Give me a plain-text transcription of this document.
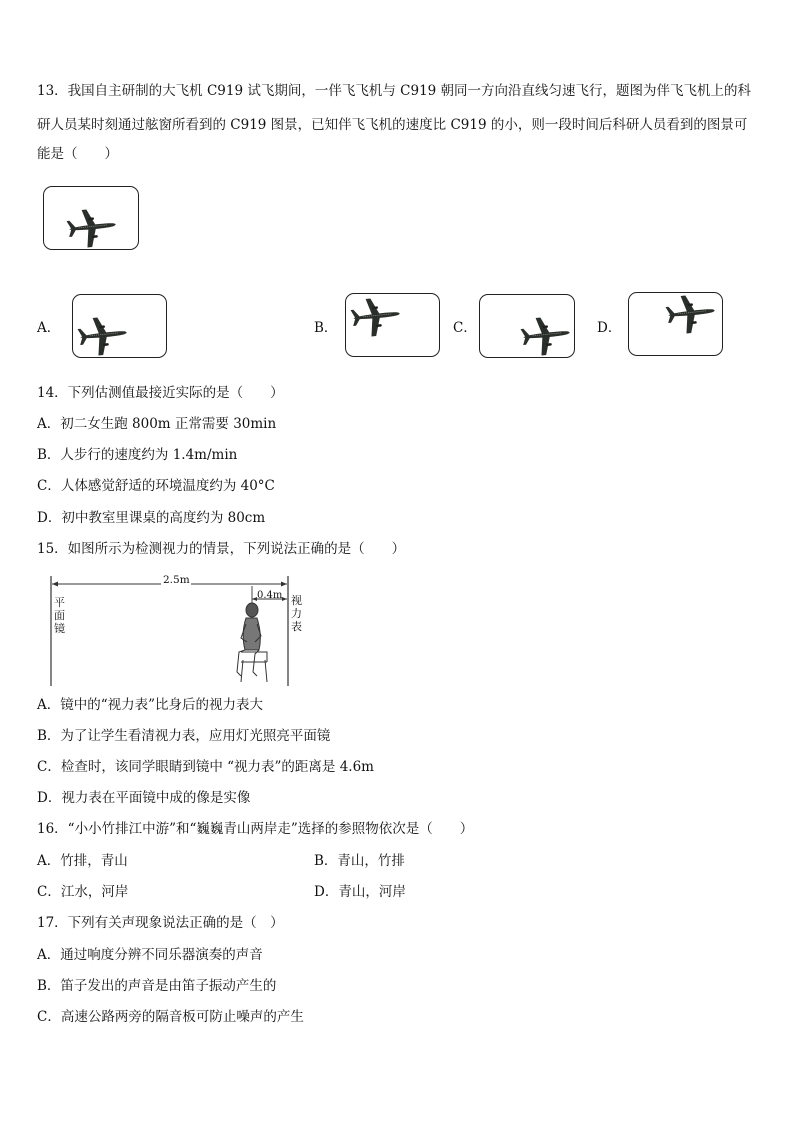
13．我国自主研制的大飞机 C919 试飞期间，一伴飞飞机与 C919 朝同一方向沿直线匀速飞行，题图为伴飞飞机上的科
研人员某时刻通过舷窗所看到的 C919 图景，已知伴飞飞机的速度比 C919 的小，则一段时间后科研人员看到的图景可
能是（　　）
A．	B．	C．	D．
14．下列估测值最接近实际的是（　　）
A．初二女生跑 800m 正常需要 30min
B．人步行的速度约为 1.4m/min
C．人体感觉舒适的环境温度约为 40°C
D．初中教室里课桌的高度约为 80cm
15．如图所示为检测视力的情景，下列说法正确的是（　　）
2.5m
0.4m
平面镜
视力表
A．镜中的“视力表”比身后的视力表大
B．为了让学生看清视力表，应用灯光照亮平面镜
C．检查时，该同学眼睛到镜中 “视力表”的距离是 4.6m
D．视力表在平面镜中成的像是实像
16．“小小竹排江中游”和“巍巍青山两岸走”选择的参照物依次是（　　）
A．竹排，青山	B．青山，竹排
C．江水，河岸	D．青山，河岸
17．下列有关声现象说法正确的是（　）
A．通过响度分辨不同乐器演奏的声音
B．笛子发出的声音是由笛子振动产生的
C．高速公路两旁的隔音板可防止噪声的产生
